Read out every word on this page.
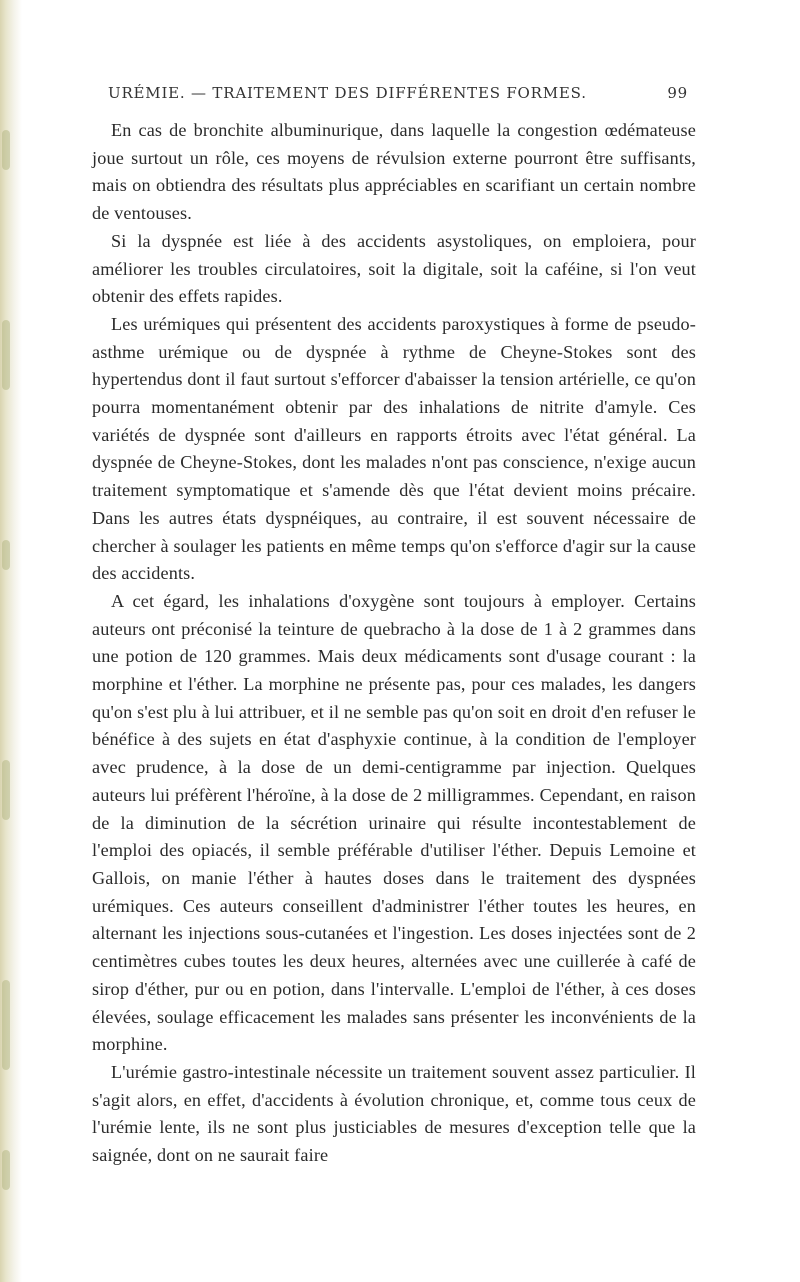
URÉMIE. — TRAITEMENT DES DIFFÉRENTES FORMES.	99

En cas de bronchite albuminurique, dans laquelle la congestion œdémateuse joue surtout un rôle, ces moyens de révulsion externe pourront être suffisants, mais on obtiendra des résultats plus appréciables en scarifiant un certain nombre de ventouses.

Si la dyspnée est liée à des accidents asystoliques, on emploiera, pour améliorer les troubles circulatoires, soit la digitale, soit la caféine, si l'on veut obtenir des effets rapides.

Les urémiques qui présentent des accidents paroxystiques à forme de pseudo-asthme urémique ou de dyspnée à rythme de Cheyne-Stokes sont des hypertendus dont il faut surtout s'efforcer d'abaisser la tension artérielle, ce qu'on pourra momentanément obtenir par des inhalations de nitrite d'amyle. Ces variétés de dyspnée sont d'ailleurs en rapports étroits avec l'état général. La dyspnée de Cheyne-Stokes, dont les malades n'ont pas conscience, n'exige aucun traitement symptomatique et s'amende dès que l'état devient moins précaire. Dans les autres états dyspnéiques, au contraire, il est souvent nécessaire de chercher à soulager les patients en même temps qu'on s'efforce d'agir sur la cause des accidents.

A cet égard, les inhalations d'oxygène sont toujours à employer. Certains auteurs ont préconisé la teinture de quebracho à la dose de 1 à 2 grammes dans une potion de 120 grammes. Mais deux médicaments sont d'usage courant : la morphine et l'éther. La morphine ne présente pas, pour ces malades, les dangers qu'on s'est plu à lui attribuer, et il ne semble pas qu'on soit en droit d'en refuser le bénéfice à des sujets en état d'asphyxie continue, à la condition de l'employer avec prudence, à la dose de un demi-centigramme par injection. Quelques auteurs lui préfèrent l'héroïne, à la dose de 2 milligrammes. Cependant, en raison de la diminution de la sécrétion urinaire qui résulte incontestablement de l'emploi des opiacés, il semble préférable d'utiliser l'éther. Depuis Lemoine et Gallois, on manie l'éther à hautes doses dans le traitement des dyspnées urémiques. Ces auteurs conseillent d'administrer l'éther toutes les heures, en alternant les injections sous-cutanées et l'ingestion. Les doses injectées sont de 2 centimètres cubes toutes les deux heures, alternées avec une cuillerée à café de sirop d'éther, pur ou en potion, dans l'intervalle. L'emploi de l'éther, à ces doses élevées, soulage efficacement les malades sans présenter les inconvénients de la morphine.

L'urémie gastro-intestinale nécessite un traitement souvent assez particulier. Il s'agit alors, en effet, d'accidents à évolution chronique, et, comme tous ceux de l'urémie lente, ils ne sont plus justiciables de mesures d'exception telle que la saignée, dont on ne saurait faire
